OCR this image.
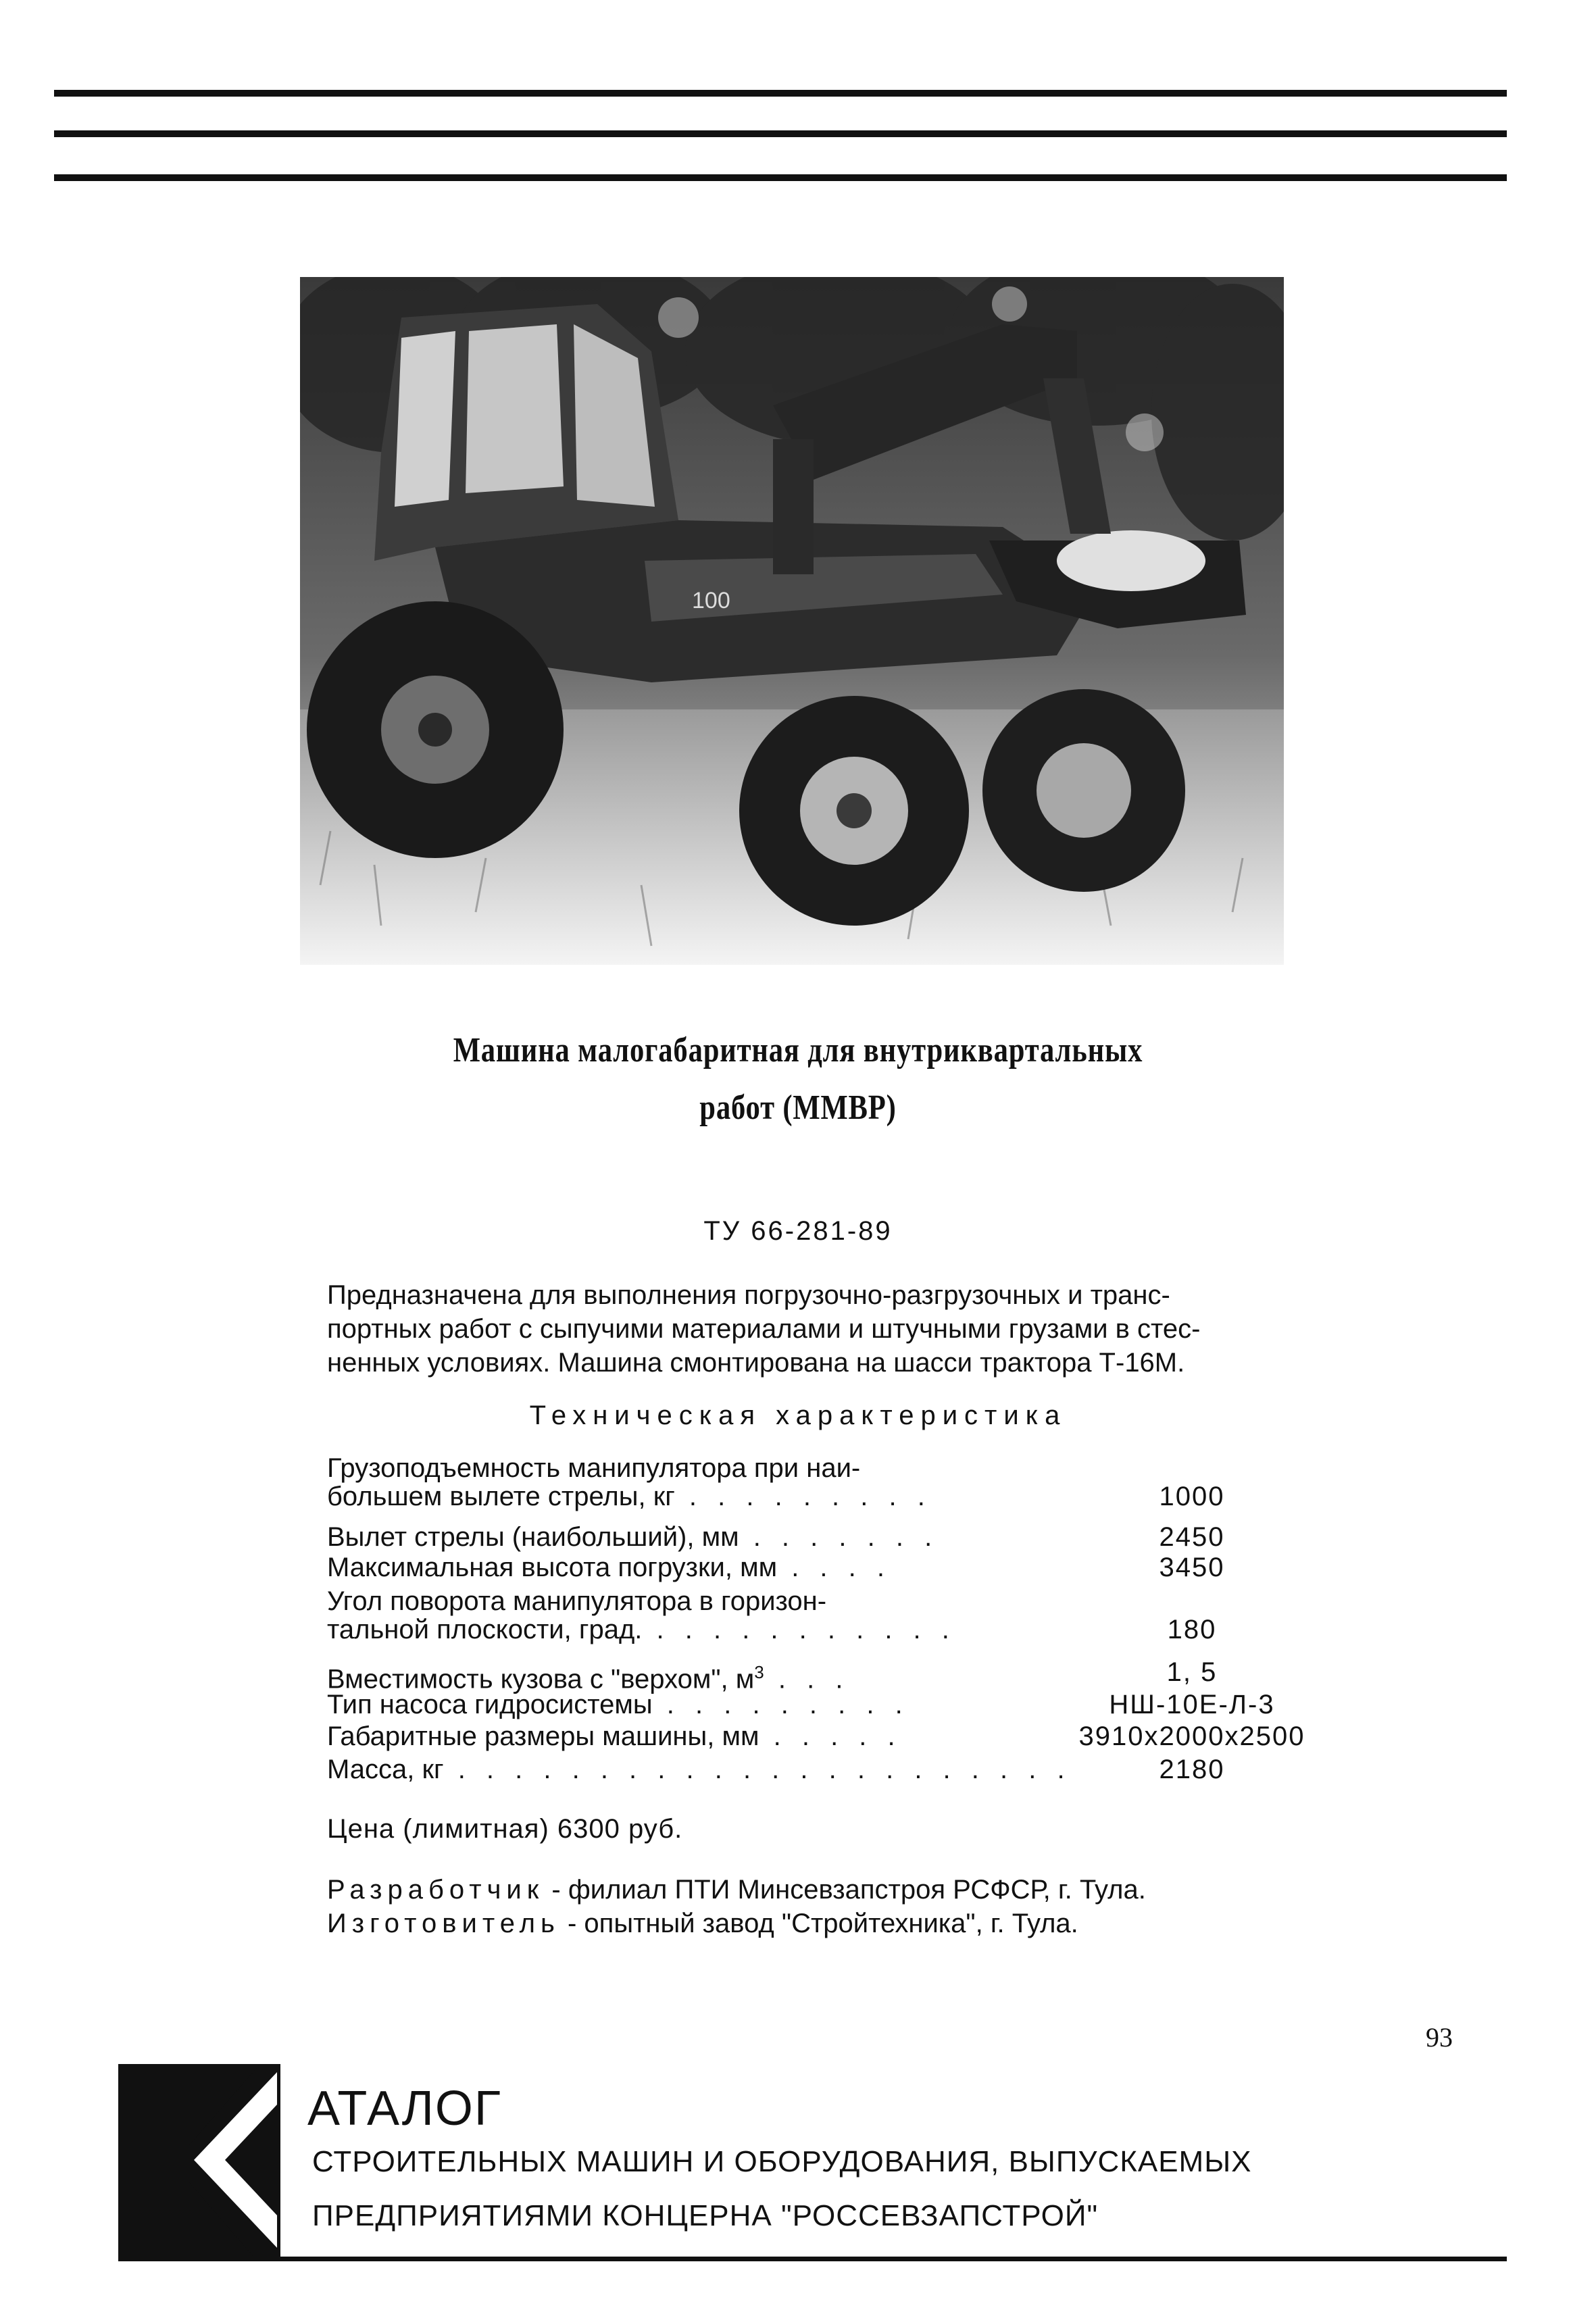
100
Машина малогабаритная для внутриквартальных
работ (ММВР)
ТУ 66-281-89
Предназначена для выполнения погрузочно-разгрузочных и транс-
портных работ с сыпучими материалами и штучными грузами в стес-
ненных условиях. Машина смонтирована на шасси трактора Т-16М.
Техническая характеристика
Грузоподъемность манипулятора при наи-
большем вылете стрелы, кг . . . . . . . . .	1000
Вылет стрелы (наибольший), мм . . . . . . .	2450
Максимальная высота погрузки, мм . . . .	3450
Угол поворота манипулятора в горизон-
тальной плоскости, град. . . . . . . . . . . .	180
Вместимость кузова с "верхом", $м^3$ . . .	1, 5
Тип насоса гидросистемы . . . . . . . . .	НШ-10Е-Л-3
Габаритные размеры машины, мм . . . . .	3910х2000х2500
Масса, кг . . . . . . . . . . . . . . . . . . . . . .	2180
Цена (лимитная) 6300 руб.
Разработчик - филиал ПТИ Минсевзапстроя РСФСР, г. Тула.
Изготовитель - опытный завод "Стройтехника", г. Тула.
93
АТАЛОГ
СТРОИТЕЛЬНЫХ МАШИН И ОБОРУДОВАНИЯ, ВЫПУСКАЕМЫХ
ПРЕДПРИЯТИЯМИ КОНЦЕРНА "РОССЕВЗАПСТРОЙ"
